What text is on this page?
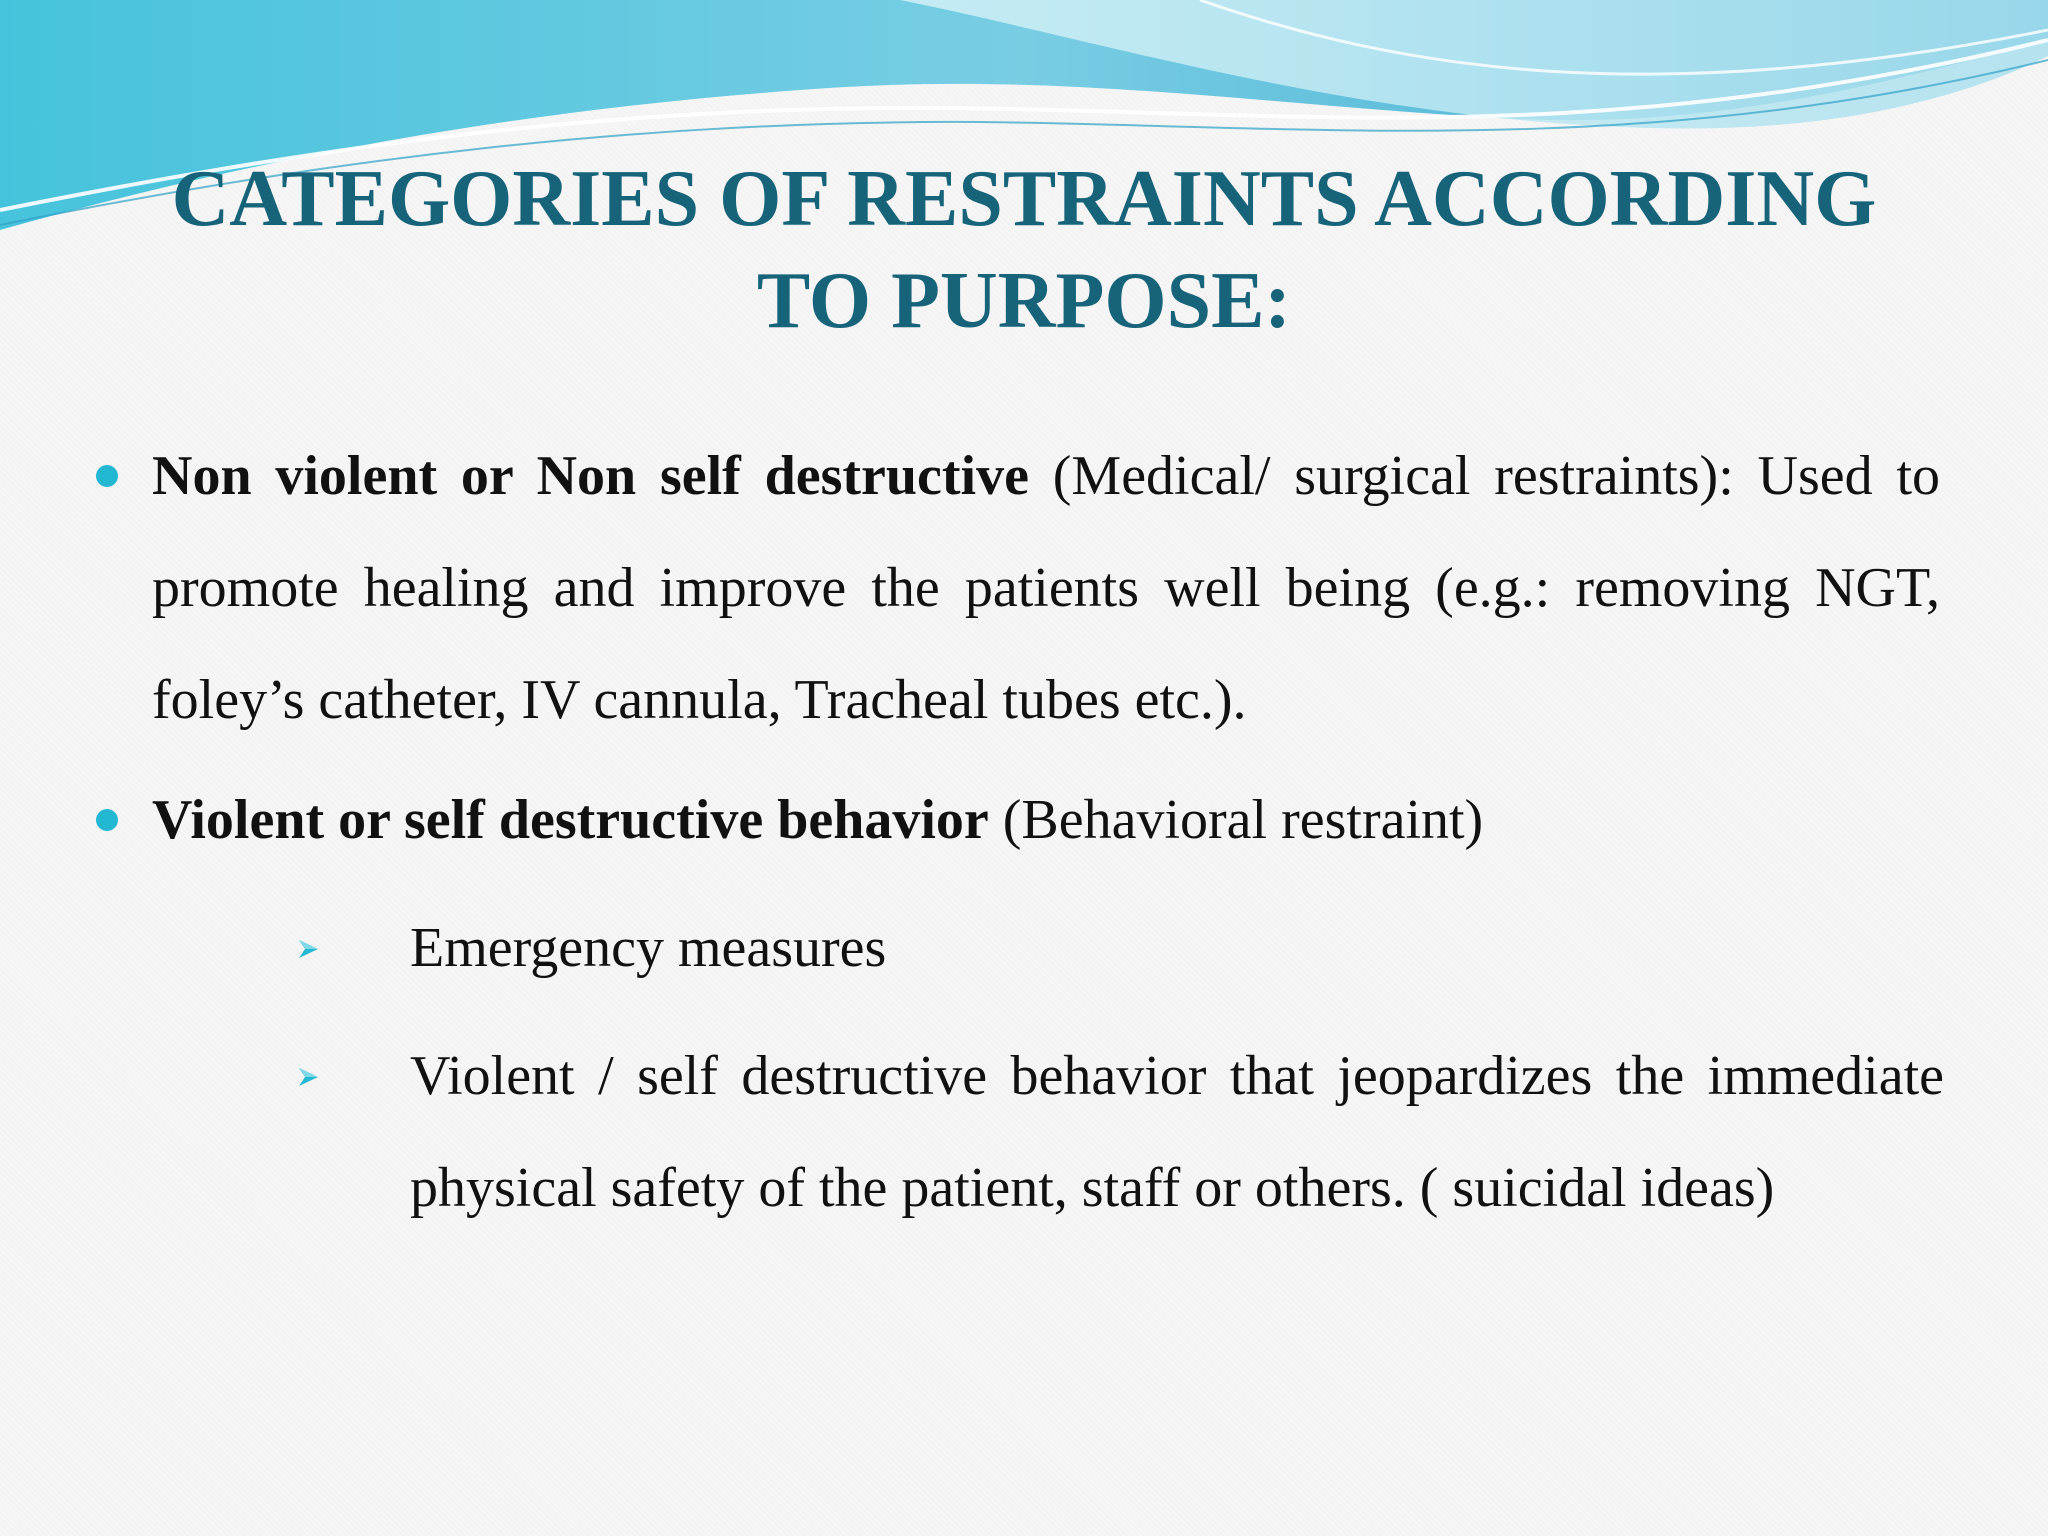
CATEGORIES OF RESTRAINTS ACCORDING
TO PURPOSE:
Non violent or Non self destructive (Medical/ surgical restraints): Used to promote healing and improve the patients well being (e.g.: removing NGT, foley’s catheter, IV cannula, Tracheal tubes etc.).
Violent or self destructive behavior (Behavioral restraint)
Emergency measures
Violent / self destructive behavior that jeopardizes the immediate physical safety of the patient, staff or others. ( suicidal ideas)
